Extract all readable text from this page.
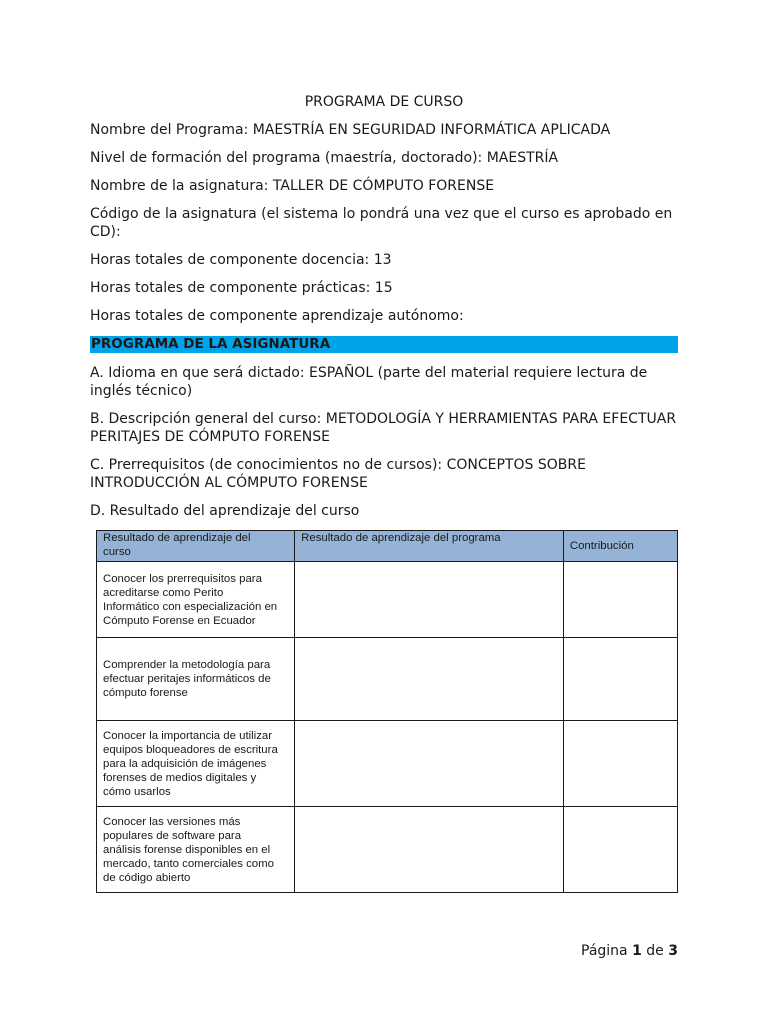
PROGRAMA DE CURSO
Nombre del Programa: MAESTRÍA EN SEGURIDAD INFORMÁTICA APLICADA
Nivel de formación del programa (maestría, doctorado): MAESTRÍA
Nombre de la asignatura: TALLER DE CÓMPUTO FORENSE
Código de la asignatura (el sistema lo pondrá una vez que el curso es aprobado en
CD):
Horas totales de componente docencia: 13
Horas totales de componente prácticas: 15
Horas totales de componente aprendizaje autónomo:
PROGRAMA DE LA ASIGNATURA
A. Idioma en que será dictado: ESPAÑOL (parte del material requiere lectura de
inglés técnico)
B. Descripción general del curso: METODOLOGÍA Y HERRAMIENTAS PARA EFECTUAR
PERITAJES DE CÓMPUTO FORENSE
C. Prerrequisitos (de conocimientos no de cursos): CONCEPTOS SOBRE
INTRODUCCIÓN AL CÓMPUTO FORENSE
D. Resultado del aprendizaje del curso
Resultado de aprendizaje del
curso	Resultado de aprendizaje del programa	Contribución

Conocer los prerrequisitos para
acreditarse como Perito
Informático con especialización en
Cómputo Forense en Ecuador		

Comprender la metodología para
efectuar peritajes informáticos de
cómputo forense		

Conocer la importancia de utilizar
equipos bloqueadores de escritura
para la adquisición de imágenes
forenses de medios digitales y
cómo usarlos		

Conocer las versiones más
populares de software para
análisis forense disponibles en el
mercado, tanto comerciales como
de código abierto		

Página 1 de 3
